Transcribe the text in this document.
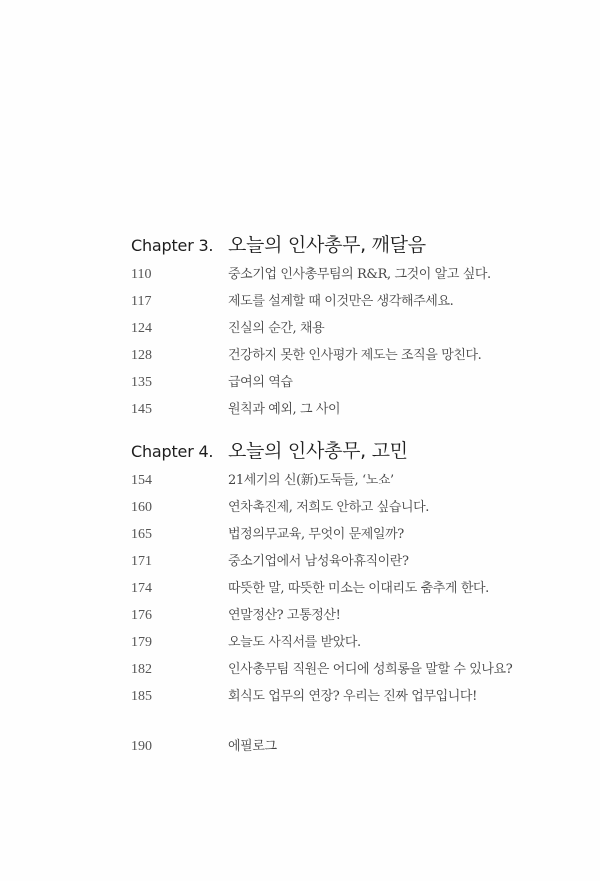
Chapter 3. 오늘의 인사총무, 깨달음
110	중소기업 인사총무팀의 R&R, 그것이 알고 싶다.
117	제도를 설계할 때 이것만은 생각해주세요.
124	진실의 순간, 채용
128	건강하지 못한 인사평가 제도는 조직을 망친다.
135	급여의 역습
145	원칙과 예외, 그 사이
Chapter 4. 오늘의 인사총무, 고민
154	21세기의 신(新)도둑들, ‘노쇼’
160	연차촉진제, 저희도 안하고 싶습니다.
165	법정의무교육, 무엇이 문제일까?
171	중소기업에서 남성육아휴직이란?
174	따뜻한 말, 따뜻한 미소는 이대리도 춤추게 한다.
176	연말정산? 고통정산!
179	오늘도 사직서를 받았다.
182	인사총무팀 직원은 어디에 성희롱을 말할 수 있나요?
185	회식도 업무의 연장? 우리는 진짜 업무입니다!
190	에필로그
